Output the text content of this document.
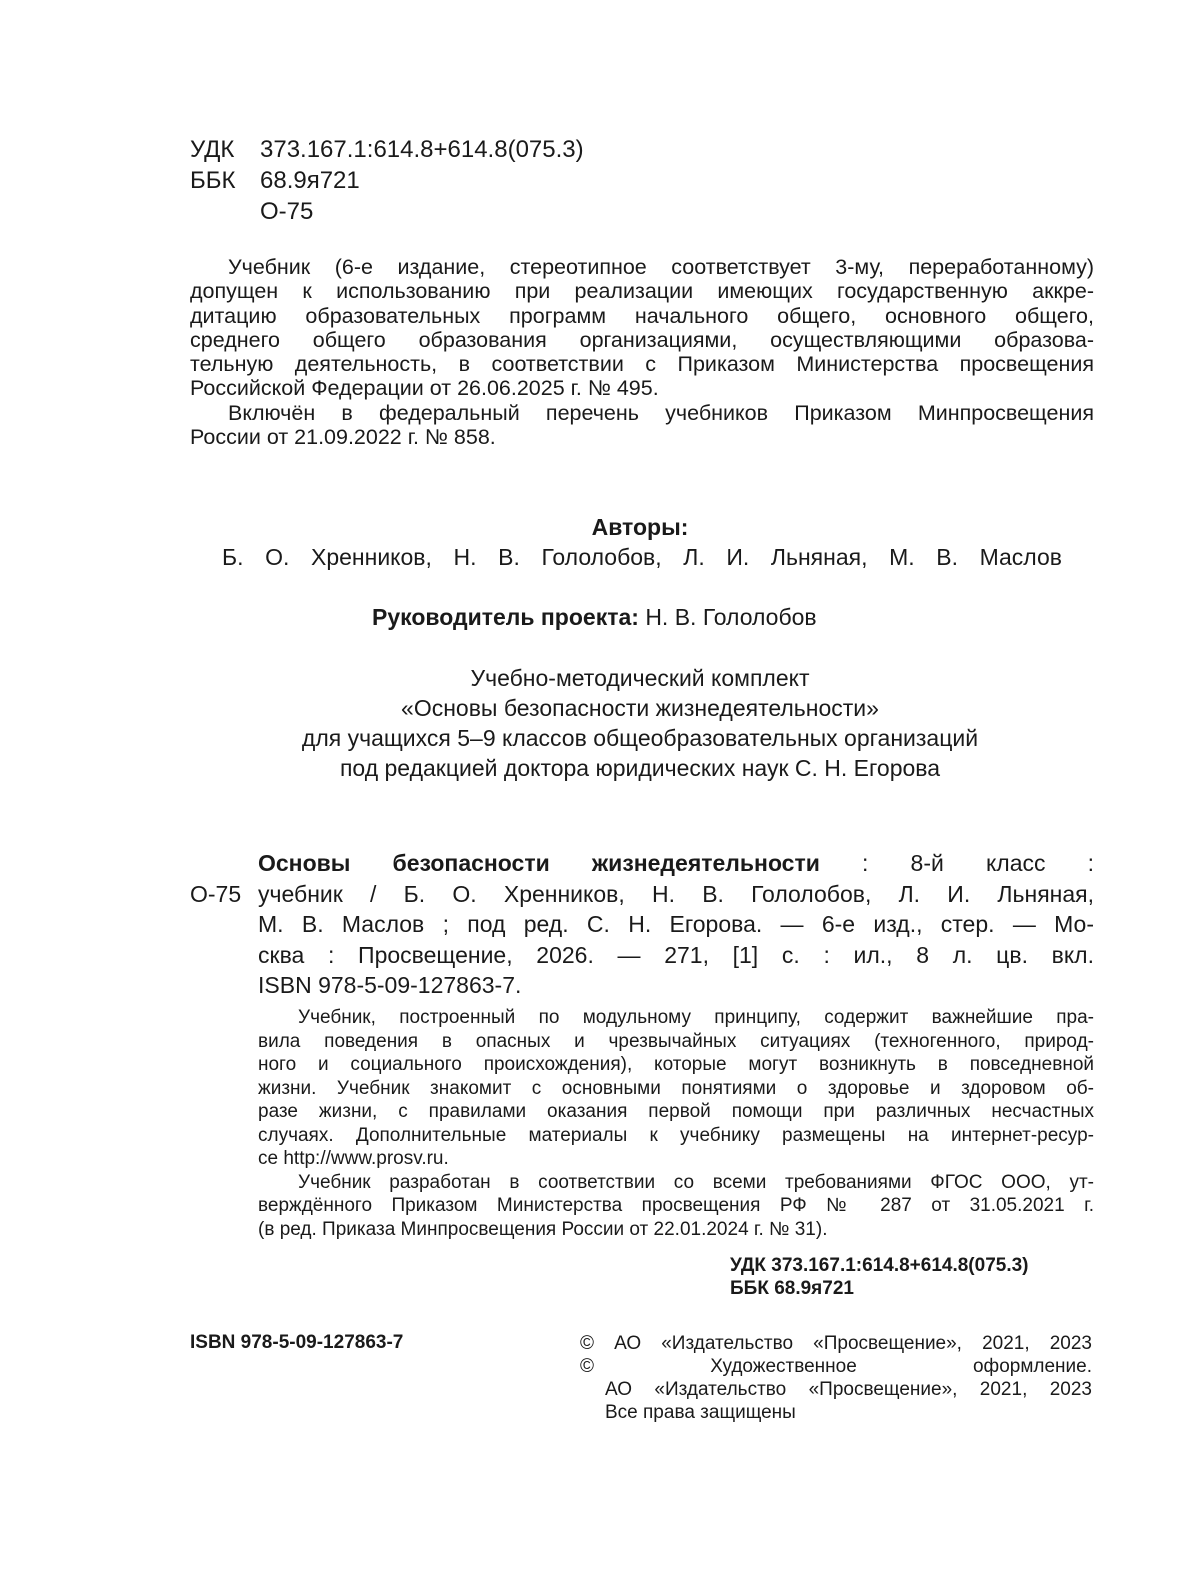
УДК 373.167.1:614.8+614.8(075.3)
ББК 68.9я721
О-75
Учебник (6-е издание, стереотипное соответствует 3-му, переработанному)
допущен к использованию при реализации имеющих государственную аккре-
дитацию образовательных программ начального общего, основного общего,
среднего общего образования организациями, осуществляющими образова-
тельную деятельность, в соответствии с Приказом Министерства просвещения
Российской Федерации от 26.06.2025 г. № 495.
Включён в федеральный перечень учебников Приказом Минпросвещения
России от 21.09.2022 г. № 858.
Авторы:
Б. О. Хренников, Н. В. Гололобов, Л. И. Льняная, М. В. Маслов
Руководитель проекта: Н. В. Гололобов
Учебно-методический комплект
«Основы безопасности жизнедеятельности»
для учащихся 5–9 классов общеобразовательных организаций
под редакцией доктора юридических наук С. Н. Егорова
Основы безопасности жизнедеятельности : 8-й класс :
О-75 учебник / Б. О. Хренников, Н. В. Гололобов, Л. И. Льняная,
М. В. Маслов ; под ред. С. Н. Егорова. — 6-е изд., стер. — Мо-
сква : Просвещение, 2026. — 271, [1] с. : ил., 8 л. цв. вкл.
ISBN 978-5-09-127863-7.
Учебник, построенный по модульному принципу, содержит важнейшие пра-
вила поведения в опасных и чрезвычайных ситуациях (техногенного, природ-
ного и социального происхождения), которые могут возникнуть в повседневной
жизни. Учебник знакомит с основными понятиями о здоровье и здоровом об-
разе жизни, с правилами оказания первой помощи при различных несчастных
случаях. Дополнительные материалы к учебнику размещены на интернет-ресур-
се http://www.prosv.ru.
Учебник разработан в соответствии со всеми требованиями ФГОС ООО, ут-
верждённого Приказом Министерства просвещения РФ № 287 от 31.05.2021 г.
(в ред. Приказа Минпросвещения России от 22.01.2024 г. № 31).
УДК 373.167.1:614.8+614.8(075.3)
ББК 68.9я721
ISBN 978-5-09-127863-7	© АО «Издательство «Просвещение», 2021, 2023
© Художественное оформление.
АО «Издательство «Просвещение», 2021, 2023
Все права защищены
